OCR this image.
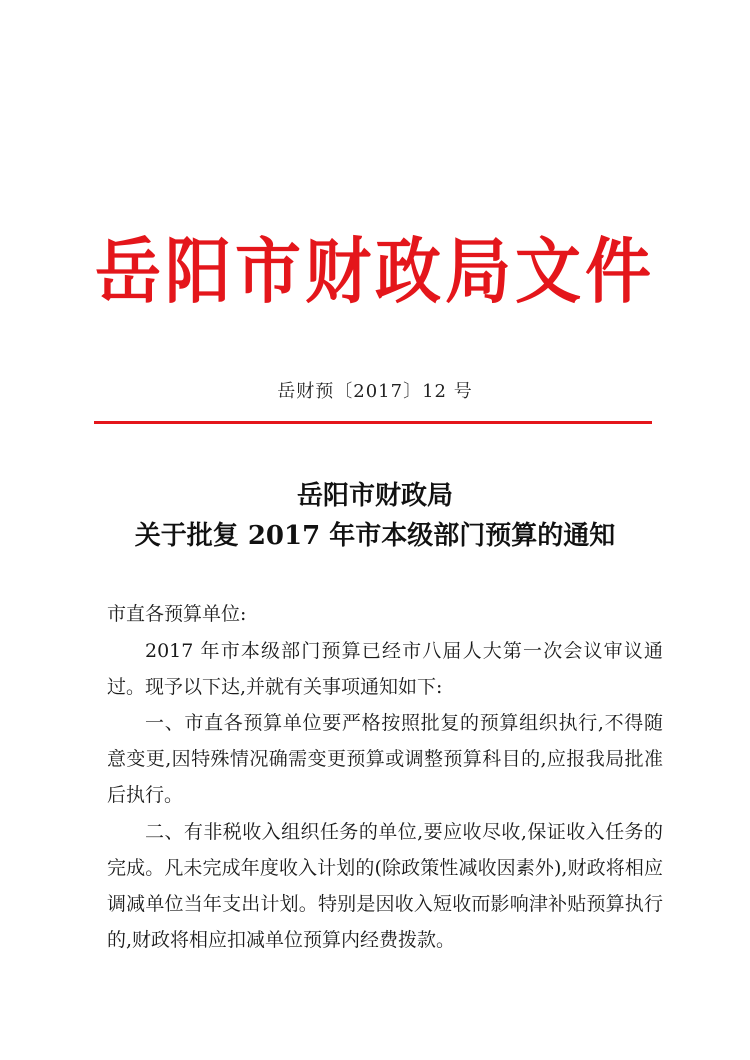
岳阳市财政局文件
岳财预〔2017〕12 号
岳阳市财政局
关于批复 2017 年市本级部门预算的通知
市直各预算单位:
2017 年市本级部门预算已经市八届人大第一次会议审议通过。现予以下达,并就有关事项通知如下:
一、市直各预算单位要严格按照批复的预算组织执行,不得随意变更,因特殊情况确需变更预算或调整预算科目的,应报我局批准后执行。
二、有非税收入组织任务的单位,要应收尽收,保证收入任务的完成。凡未完成年度收入计划的(除政策性减收因素外),财政将相应调减单位当年支出计划。特别是因收入短收而影响津补贴预算执行的,财政将相应扣减单位预算内经费拨款。
